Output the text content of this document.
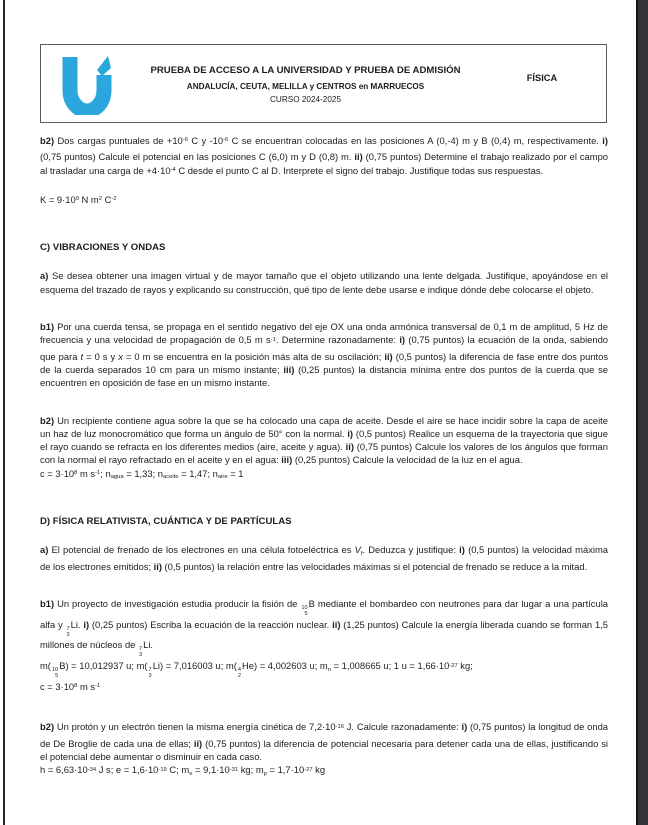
PRUEBA DE ACCESO A LA UNIVERSIDAD Y PRUEBA DE ADMISIÓN
ANDALUCÍA, CEUTA, MELILLA y CENTROS en MARRUECOS
CURSO 2024-2025
FÍSICA
b2) Dos cargas puntuales de $+10^{-6}$ C y $-10^{-6}$ C se encuentran colocadas en las posiciones A (0,-4) m y B (0,4) m, respectivamente. i) (0,75 puntos) Calcule el potencial en las posiciones C (6,0) m y D (0,8) m. ii) (0,75 puntos) Determine el trabajo realizado por el campo al trasladar una carga de $+4\cdot 10^{-4}$ C desde el punto C al D. Interprete el signo del trabajo. Justifique todas sus respuestas.
$K = 9\cdot 10^9$ N $m^2$ $C^{-2}$
C) VIBRACIONES Y ONDAS
a) Se desea obtener una imagen virtual y de mayor tamaño que el objeto utilizando una lente delgada. Justifique, apoyándose en el esquema del trazado de rayos y explicando su construcción, qué tipo de lente debe usarse e indique dónde debe colocarse el objeto.
b1) Por una cuerda tensa, se propaga en el sentido negativo del eje OX una onda armónica transversal de 0,1 m de amplitud, 5 Hz de frecuencia y una velocidad de propagación de 0,5 m $s^{-1}$. Determine razonadamente: i) (0,75 puntos) la ecuación de la onda, sabiendo que para t = 0 s y x = 0 m se encuentra en la posición más alta de su oscilación; ii) (0,5 puntos) la diferencia de fase entre dos puntos de la cuerda separados 10 cm para un mismo instante; iii) (0,25 puntos) la distancia mínima entre dos puntos de la cuerda que se encuentren en oposición de fase en un mismo instante.
b2) Un recipiente contiene agua sobre la que se ha colocado una capa de aceite. Desde el aire se hace incidir sobre la capa de aceite un haz de luz monocromático que forma un ángulo de 50° con la normal. i) (0,5 puntos) Realice un esquema de la trayectoria que sigue el rayo cuando se refracta en los diferentes medios (aire, aceite y agua). ii) (0,75 puntos) Calcule los valores de los ángulos que forman con la normal el rayo refractado en el aceite y en el agua: iii) (0,25 puntos) Calcule la velocidad de la luz en el agua.
$c = 3\cdot 10^8$ m $s^{-1}$; $n_{agua} = 1,33$; $n_{aceite} = 1,47$; $n_{aire} = 1$
D) FÍSICA RELATIVISTA, CUÁNTICA Y DE PARTÍCULAS
a) El potencial de frenado de los electrones en una célula fotoeléctrica es $V_f$. Deduzca y justifique: i) (0,5 puntos) la velocidad máxima de los electrones emitidos; ii) (0,5 puntos) la relación entre las velocidades máximas si el potencial de frenado se reduce a la mitad.
b1) Un proyecto de investigación estudia producir la fisión de 10
5
B mediante el bombardeo con neutrones para dar lugar a una partícula alfa y 7
3
Li. i) (0,25 puntos) Escriba la ecuación de la reacción nuclear. ii) (1,25 puntos) Calcule la energía liberada cuando se forman 1,5 millones de núcleos de 7
3
Li.
m( 10
5
B) = 10,012937 u; m( 7
3
Li) = 7,016003 u; m( 4
2
He) = 4,002603 u; $m_n = 1,008665$ u; 1 $u = 1,66\cdot 10^{-27}$ kg;
$c = 3\cdot 10^8$ m $s^{-1}$
b2) Un protón y un electrón tienen la misma energía cinética de $7,2\cdot 10^{-16}$ J. Calcule razonadamente: i) (0,75 puntos) la longitud de onda de De Broglie de cada una de ellas; ii) (0,75 puntos) la diferencia de potencial necesaria para detener cada una de ellas, justificando si el potencial debe aumentar o disminuir en cada caso.
$h = 6,63\cdot 10^{-34}$ J s; $e = 1,6\cdot 10^{-19}$ C; $m_e = 9,1\cdot 10^{-31}$ kg; $m_p = 1,7\cdot 10^{-27}$ kg
